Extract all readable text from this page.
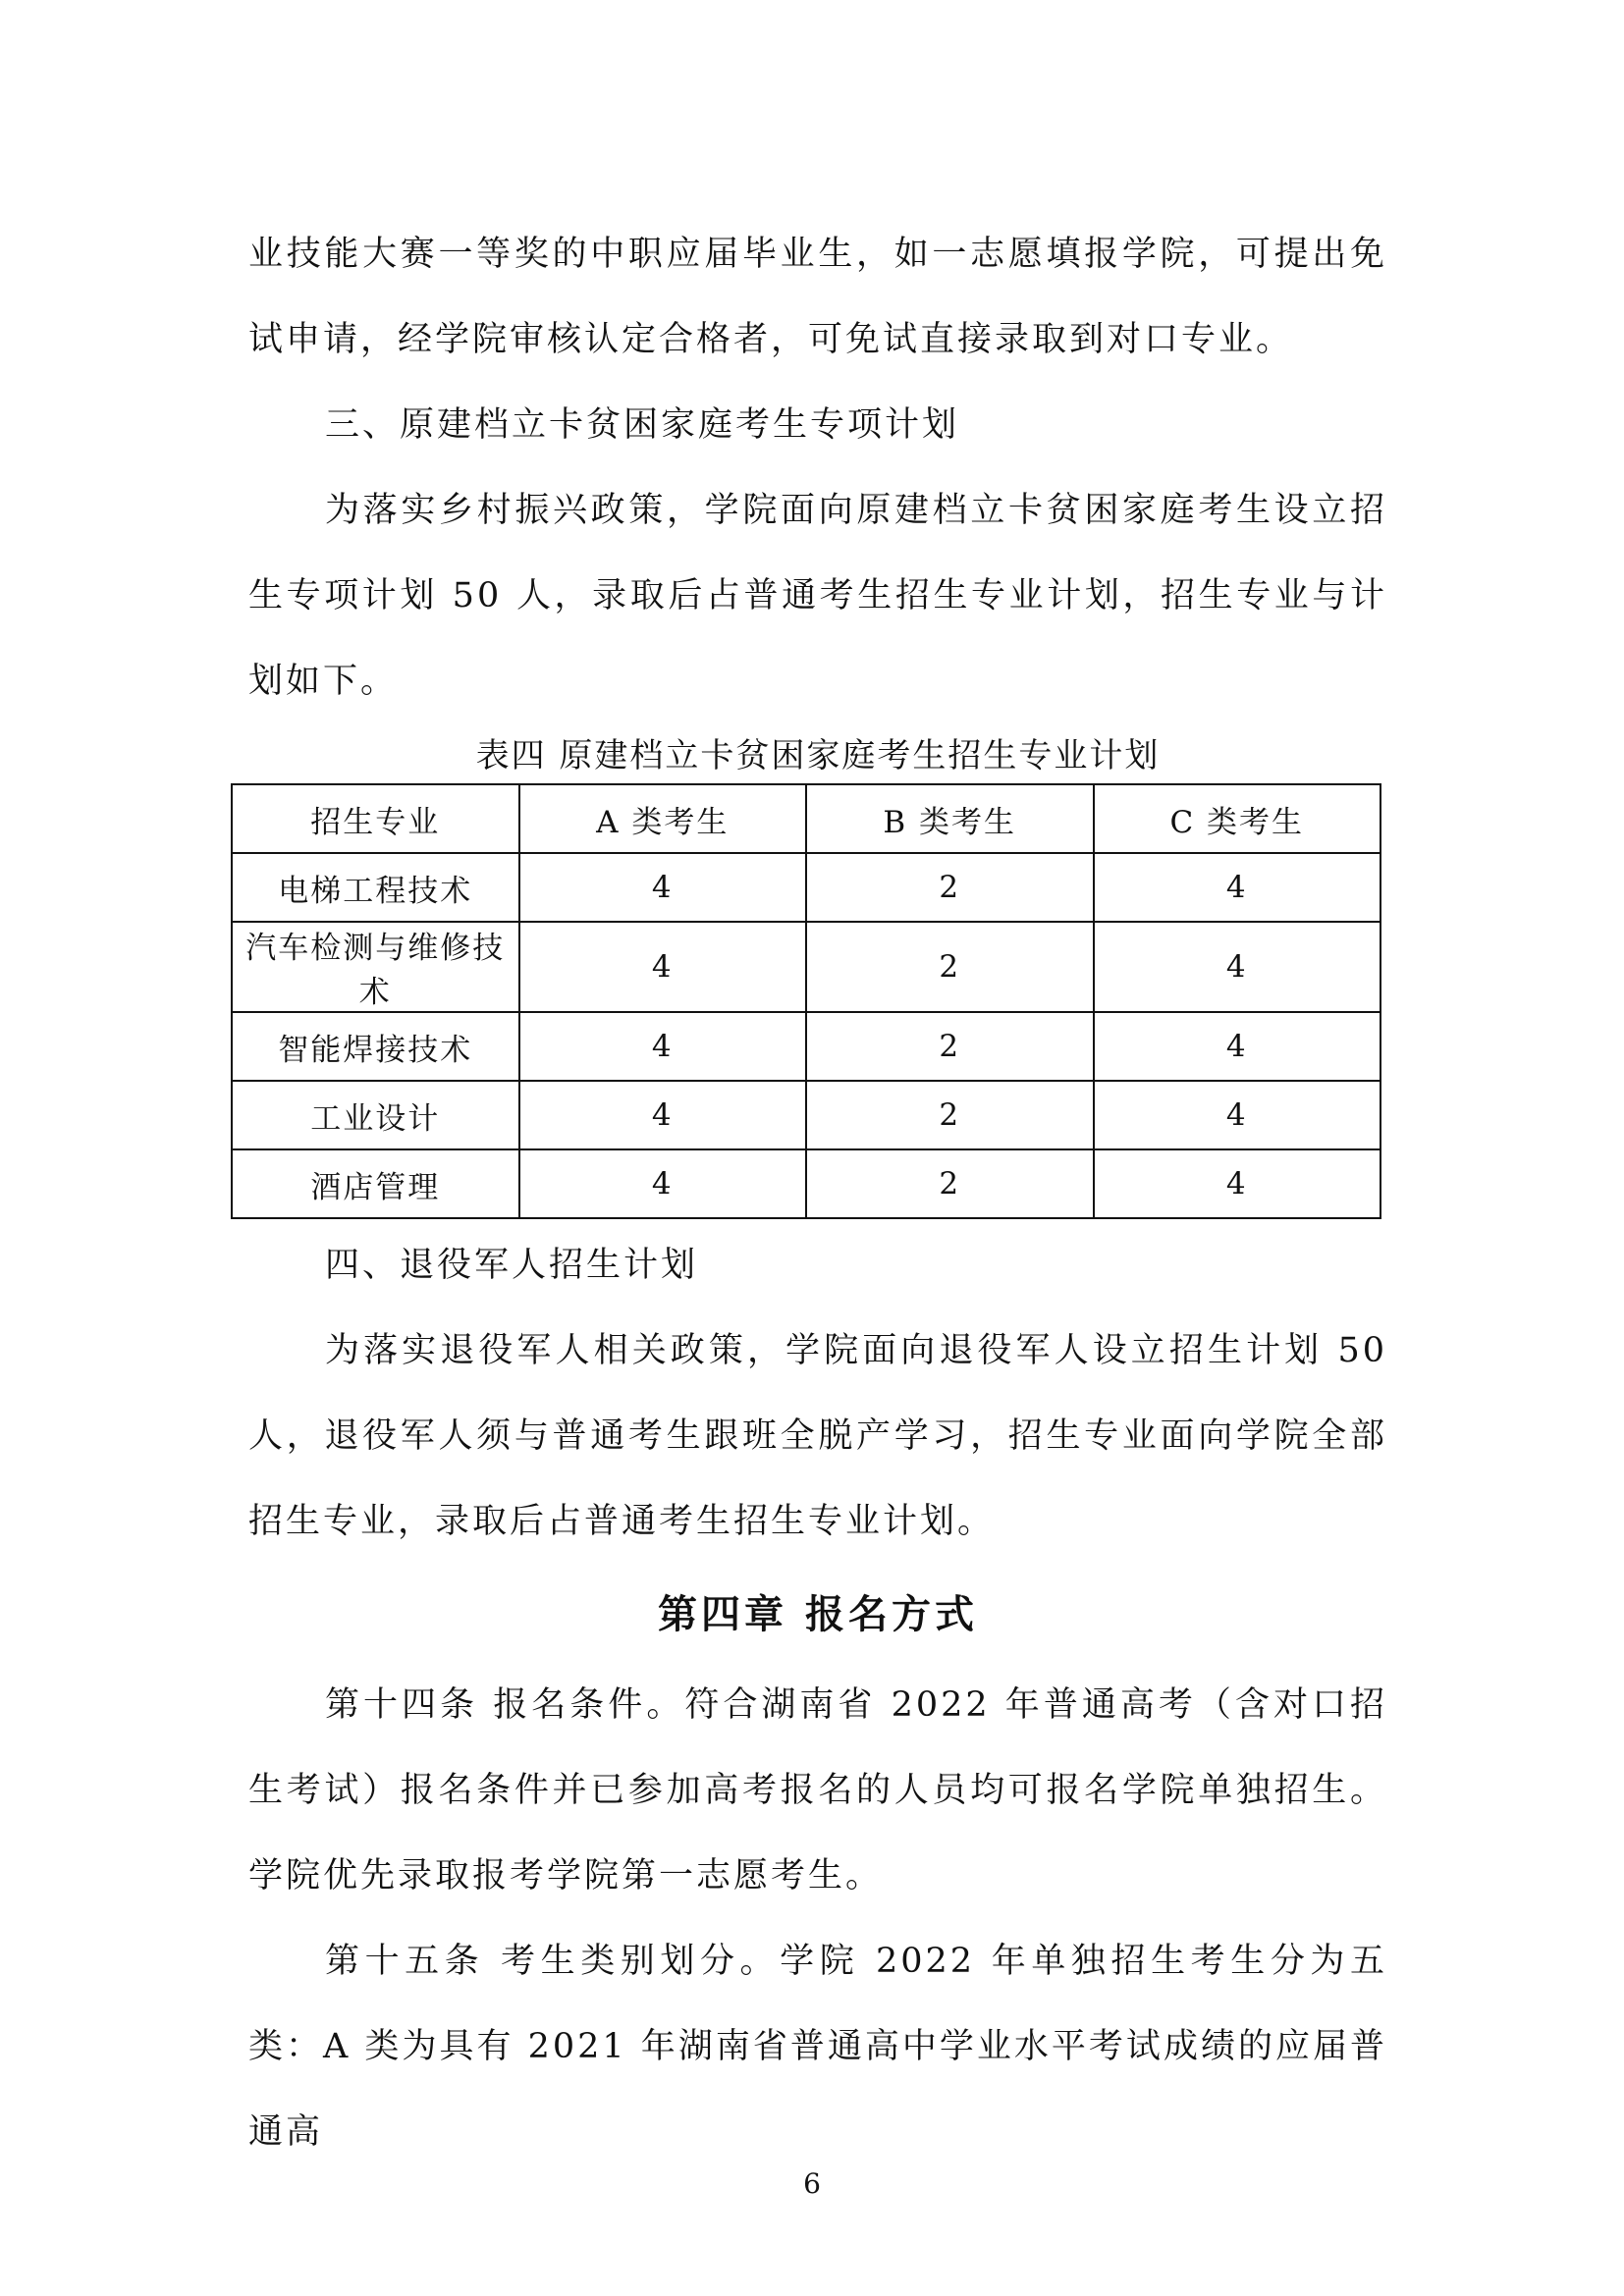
业技能大赛一等奖的中职应届毕业生，如一志愿填报学院，可提出免试申请，经学院审核认定合格者，可免试直接录取到对口专业。

三、原建档立卡贫困家庭考生专项计划

为落实乡村振兴政策，学院面向原建档立卡贫困家庭考生设立招生专项计划 50 人，录取后占普通考生招生专业计划，招生专业与计划如下。

表四 原建档立卡贫困家庭考生招生专业计划
招生专业	A 类考生	B 类考生	C 类考生
电梯工程技术	4	2	4
汽车检测与维修技术	4	2	4
智能焊接技术	4	2	4
工业设计	4	2	4
酒店管理	4	2	4

四、退役军人招生计划

为落实退役军人相关政策，学院面向退役军人设立招生计划 50 人，退役军人须与普通考生跟班全脱产学习，招生专业面向学院全部招生专业，录取后占普通考生招生专业计划。

第四章 报名方式

第十四条 报名条件。符合湖南省 2022 年普通高考（含对口招生考试）报名条件并已参加高考报名的人员均可报名学院单独招生。学院优先录取报考学院第一志愿考生。

第十五条 考生类别划分。学院 2022 年单独招生考生分为五类：A 类为具有 2021 年湖南省普通高中学业水平考试成绩的应届普通高

6
